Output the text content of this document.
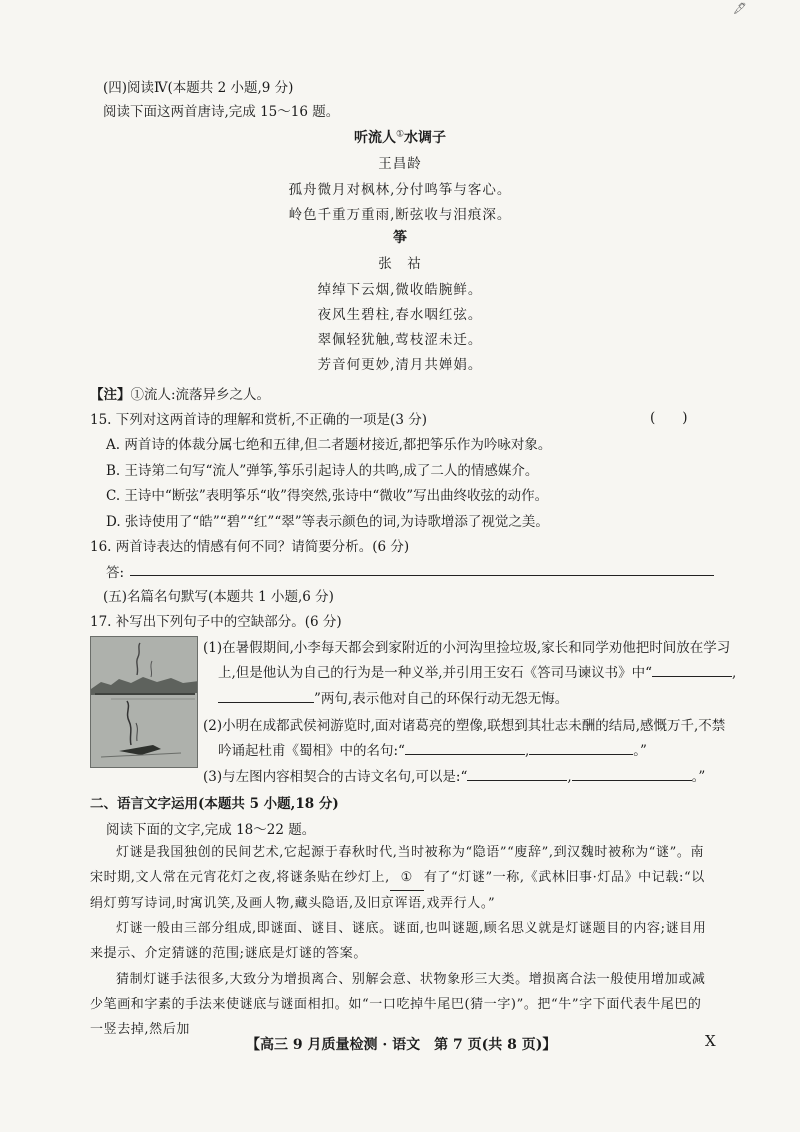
🖋
(四)阅读Ⅳ(本题共 2 小题,9 分)
阅读下面这两首唐诗,完成 15～16 题。
听流人①水调子
王昌龄
孤舟微月对枫林,分付鸣筝与客心。
岭色千重万重雨,断弦收与泪痕深。
筝
张　祜
绰绰下云烟,微收皓腕鲜。
夜风生碧柱,春水咽红弦。
翠佩轻犹触,莺枝涩未迁。
芳音何更妙,清月共婵娟。
【注】①流人:流落异乡之人。
15. 下列对这两首诗的理解和赏析,不正确的一项是(3 分)	(　　)
A. 两首诗的体裁分属七绝和五律,但二者题材接近,都把筝乐作为吟咏对象。
B. 王诗第二句写“流人”弹筝,筝乐引起诗人的共鸣,成了二人的情感媒介。
C. 王诗中“断弦”表明筝乐“收”得突然,张诗中“微收”写出曲终收弦的动作。
D. 张诗使用了“皓”“碧”“红”“翠”等表示颜色的词,为诗歌增添了视觉之美。
16. 两首诗表达的情感有何不同？请简要分析。(6 分)
答:
(五)名篇名句默写(本题共 1 小题,6 分)
17. 补写出下列句子中的空缺部分。(6 分)
(1)在暑假期间,小李每天都会到家附近的小河沟里捡垃圾,家长和同学劝他把时间放在学习
上,但是他认为自己的行为是一种义举,并引用王安石《答司马谏议书》中“	,
”两句,表示他对自己的环保行动无怨无悔。
(2)小明在成都武侯祠游览时,面对诸葛亮的塑像,联想到其壮志未酬的结局,感慨万千,不禁
吟诵起杜甫《蜀相》中的名句:“	,	。”
(3)与左图内容相契合的古诗文名句,可以是:“	,	。”
二、语言文字运用(本题共 5 小题,18 分)
阅读下面的文字,完成 18～22 题。
灯谜是我国独创的民间艺术,它起源于春秋时代,当时被称为“隐语”“廋辞”,到汉魏时被称为“谜”。南宋时期,文人常在元宵花灯之夜,将谜条贴在纱灯上, ① 有了“灯谜”一称,《武林旧事·灯品》中记载:“以绢灯剪写诗词,时寓讥笑,及画人物,藏头隐语,及旧京诨语,戏弄行人。”
灯谜一般由三部分组成,即谜面、谜目、谜底。谜面,也叫谜题,顾名思义就是灯谜题目的内容;谜目用来提示、介定猜谜的范围;谜底是灯谜的答案。
猜制灯谜手法很多,大致分为增损离合、别解会意、状物象形三大类。增损离合法一般使用增加或减少笔画和字素的手法来使谜底与谜面相扣。如“一口吃掉牛尾巴(猜一字)”。把“牛”字下面代表牛尾巴的一竖去掉,然后加
【高三 9 月质量检测 · 语文　第 7 页(共 8 页)】	X
